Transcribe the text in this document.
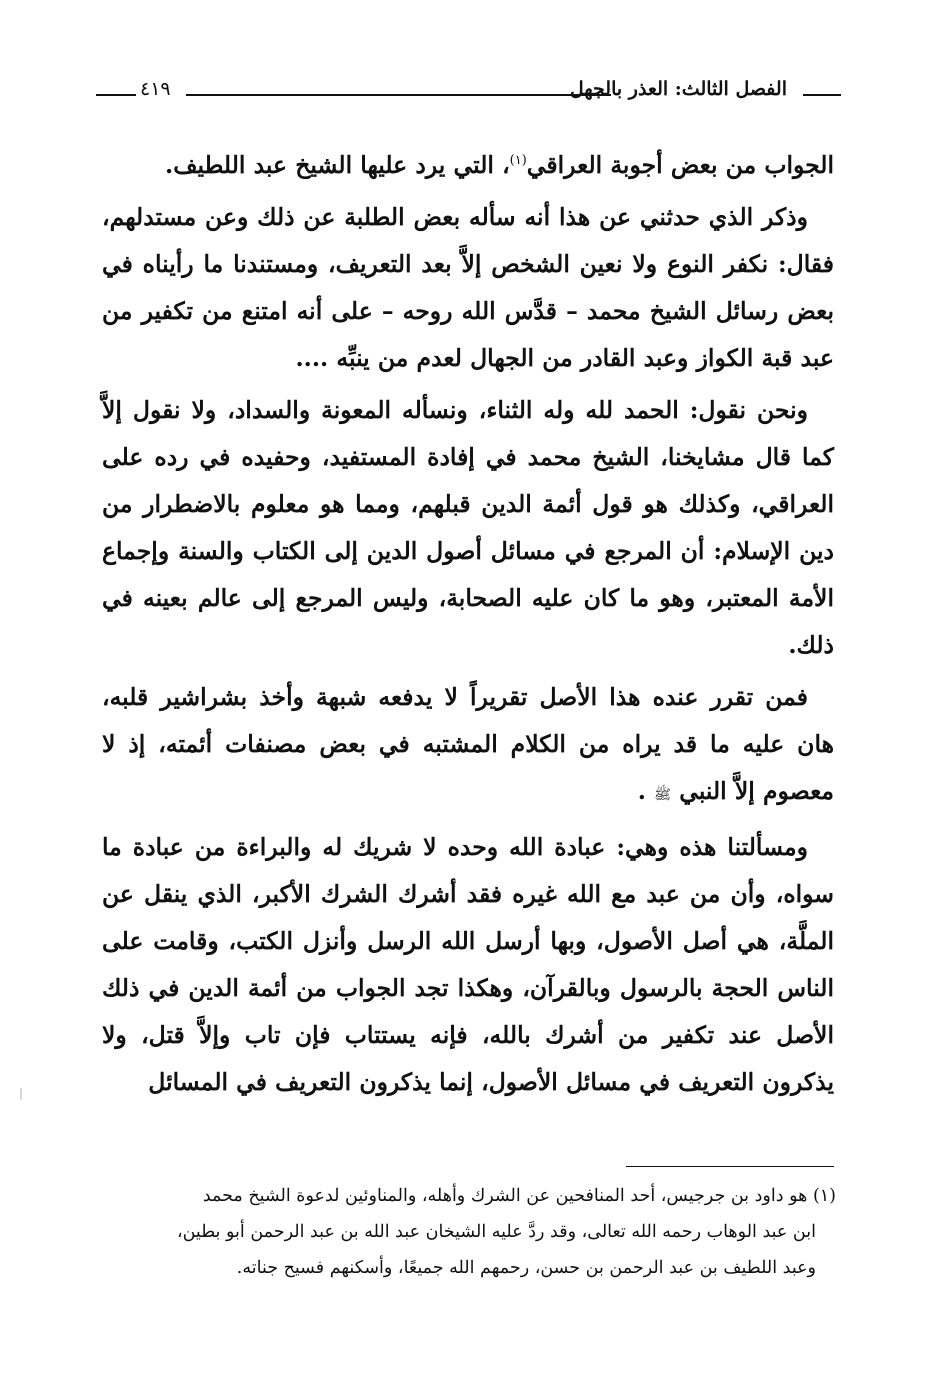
الفصل الثالث: العذر بالجهل
٤١٩

الجواب من بعض أجوبة العراقي$^{(١)}$، التي يرد عليها الشيخ عبد اللطيف.

وذكر الذي حدثني عن هذا أنه سأله بعض الطلبة عن ذلك وعن مستدلهم، فقال: نكفر النوع ولا نعين الشخص إلاَّ بعد التعريف، ومستندنا ما رأيناه في بعض رسائل الشيخ محمد – قدَّس الله روحه – على أنه امتنع من تكفير من عبد قبة الكواز وعبد القادر من الجهال لعدم من ينبِّه ....

ونحن نقول: الحمد لله وله الثناء، ونسأله المعونة والسداد، ولا نقول إلاَّ كما قال مشايخنا، الشيخ محمد في إفادة المستفيد، وحفيده في رده على العراقي، وكذلك هو قول أئمة الدين قبلهم، ومما هو معلوم بالاضطرار من دين الإسلام: أن المرجع في مسائل أصول الدين إلى الكتاب والسنة وإجماع الأمة المعتبر، وهو ما كان عليه الصحابة، وليس المرجع إلى عالم بعينه في ذلك.

فمن تقرر عنده هذا الأصل تقريراً لا يدفعه شبهة وأخذ بشراشير قلبه، هان عليه ما قد يراه من الكلام المشتبه في بعض مصنفات أئمته، إذ لا معصوم إلاَّ النبي ﷺ .

ومسألتنا هذه وهي: عبادة الله وحده لا شريك له والبراءة من عبادة ما سواه، وأن من عبد مع الله غيره فقد أشرك الشرك الأكبر، الذي ينقل عن الملَّة، هي أصل الأصول، وبها أرسل الله الرسل وأنزل الكتب، وقامت على الناس الحجة بالرسول وبالقرآن، وهكذا تجد الجواب من أئمة الدين في ذلك الأصل عند تكفير من أشرك بالله، فإنه يستتاب فإن تاب وإلاَّ قتل، ولا يذكرون التعريف في مسائل الأصول، إنما يذكرون التعريف في المسائل

(١) هو داود بن جرجيس، أحد المنافحين عن الشرك وأهله، والمناوئين لدعوة الشيخ محمد

ابن عبد الوهاب رحمه الله تعالى، وقد ردَّ عليه الشيخان عبد الله بن عبد الرحمن أبو بطين،

وعبد اللطيف بن عبد الرحمن بن حسن، رحمهم الله جميعًا، وأسكنهم فسيح جناته.
